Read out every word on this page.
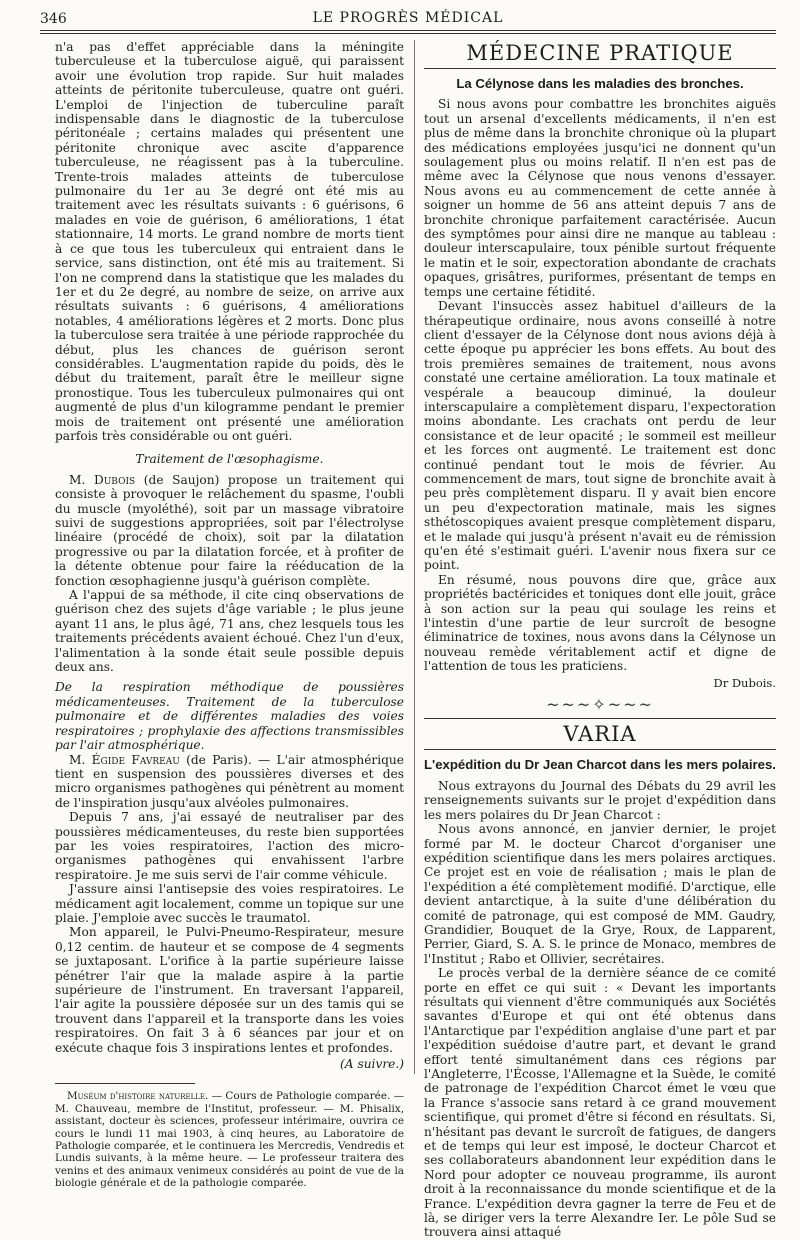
346	LE PROGRÈS MÉDICAL

n'a pas d'effet appréciable dans la méningite tuberculeuse et la tuberculose aiguë, qui paraissent avoir une évolution trop rapide. Sur huit malades atteints de péritonite tuberculeuse, quatre ont guéri. L'emploi de l'injection de tuberculine paraît indispensable dans le diagnostic de la tuberculose péritonéale ; certains malades qui présentent une péritonite chronique avec ascite d'apparence tuberculeuse, ne réagissent pas à la tuberculine. Trente-trois malades atteints de tuberculose pulmonaire du 1er au 3e degré ont été mis au traitement avec les résultats suivants : 6 guérisons, 6 malades en voie de guérison, 6 améliorations, 1 état stationnaire, 14 morts. Le grand nombre de morts tient à ce que tous les tuberculeux qui entraient dans le service, sans distinction, ont été mis au traitement. Si l'on ne comprend dans la statistique que les malades du 1er et du 2e degré, au nombre de seize, on arrive aux résultats suivants : 6 guérisons, 4 améliorations notables, 4 améliorations légères et 2 morts. Donc plus la tuberculose sera traitée à une période rapprochée du début, plus les chances de guérison seront considérables. L'augmentation rapide du poids, dès le début du traitement, paraît être le meilleur signe pronostique. Tous les tuberculeux pulmonaires qui ont augmenté de plus d'un kilogramme pendant le premier mois de traitement ont présenté une amélioration parfois très considérable ou ont guéri.

Traitement de l'œsophagisme.

M. Dubois (de Saujon) propose un traitement qui consiste à provoquer le relâchement du spasme, l'oubli du muscle (myoléthé), soit par un massage vibratoire suivi de suggestions appropriées, soit par l'électrolyse linéaire (procédé de choix), soit par la dilatation progressive ou par la dilatation forcée, et à profiter de la détente obtenue pour faire la rééducation de la fonction œsophagienne jusqu'à guérison complète.

A l'appui de sa méthode, il cite cinq observations de guérison chez des sujets d'âge variable ; le plus jeune ayant 11 ans, le plus âgé, 71 ans, chez lesquels tous les traitements précédents avaient échoué. Chez l'un d'eux, l'alimentation à la sonde était seule possible depuis deux ans.

De la respiration méthodique de poussières médicamenteuses. Traitement de la tuberculose pulmonaire et de différentes maladies des voies respiratoires ; prophylaxie des affections transmissibles par l'air atmosphérique.

M. Égide Favreau (de Paris). — L'air atmosphérique tient en suspension des poussières diverses et des micro organismes pathogènes qui pénètrent au moment de l'inspiration jusqu'aux alvéoles pulmonaires.

Depuis 7 ans, j'ai essayé de neutraliser par des poussières médicamenteuses, du reste bien supportées par les voies respiratoires, l'action des micro-organismes pathogènes qui envahissent l'arbre respiratoire. Je me suis servi de l'air comme véhicule.

J'assure ainsi l'antisepsie des voies respiratoires. Le médicament agit localement, comme un topique sur une plaie. J'emploie avec succès le traumatol.

Mon appareil, le Pulvi-Pneumo-Respirateur, mesure 0,12 centim. de hauteur et se compose de 4 segments se juxtaposant. L'orifice à la partie supérieure laisse pénétrer l'air que la malade aspire à la partie supérieure de l'instrument. En traversant l'appareil, l'air agite la poussière déposée sur un des tamis qui se trouvent dans l'appareil et la transporte dans les voies respiratoires. On fait 3 à 6 séances par jour et on exécute chaque fois 3 inspirations lentes et profondes.

(A suivre.)

Muséum d'histoire naturelle. — Cours de Pathologie comparée. — M. Chauveau, membre de l'Institut, professeur. — M. Phisalix, assistant, docteur ès sciences, professeur intérimaire, ouvrira ce cours le lundi 11 mai 1903, à cinq heures, au Laboratoire de Pathologie comparée, et le continuera les Mercredis, Vendredis et Lundis suivants, à la même heure. — Le professeur traitera des venins et des animaux venimeux considérés au point de vue de la biologie générale et de la pathologie comparée.

MÉDECINE PRATIQUE
La Célynose dans les maladies des bronches.

Si nous avons pour combattre les bronchites aiguës tout un arsenal d'excellents médicaments, il n'en est plus de même dans la bronchite chronique où la plupart des médications employées jusqu'ici ne donnent qu'un soulagement plus ou moins relatif. Il n'en est pas de même avec la Célynose que nous venons d'essayer. Nous avons eu au commencement de cette année à soigner un homme de 56 ans atteint depuis 7 ans de bronchite chronique parfaitement caractérisée. Aucun des symptômes pour ainsi dire ne manque au tableau : douleur interscapulaire, toux pénible surtout fréquente le matin et le soir, expectoration abondante de crachats opaques, grisâtres, puriformes, présentant de temps en temps une certaine fétidité.

Devant l'insuccès assez habituel d'ailleurs de la thérapeutique ordinaire, nous avons conseillé à notre client d'essayer de la Célynose dont nous avions déjà à cette époque pu apprécier les bons effets. Au bout des trois premières semaines de traitement, nous avons constaté une certaine amélioration. La toux matinale et vespérale a beaucoup diminué, la douleur interscapulaire a complètement disparu, l'expectoration moins abondante. Les crachats ont perdu de leur consistance et de leur opacité ; le sommeil est meilleur et les forces ont augmenté. Le traitement est donc continué pendant tout le mois de février. Au commencement de mars, tout signe de bronchite avait à peu près complètement disparu. Il y avait bien encore un peu d'expectoration matinale, mais les signes sthétoscopiques avaient presque complètement disparu, et le malade qui jusqu'à présent n'avait eu de rémission qu'en été s'estimait guéri. L'avenir nous fixera sur ce point.

En résumé, nous pouvons dire que, grâce aux propriétés bactéricides et toniques dont elle jouit, grâce à son action sur la peau qui soulage les reins et l'intestin d'une partie de leur surcroît de besogne éliminatrice de toxines, nous avons dans la Célynose un nouveau remède véritablement actif et digne de l'attention de tous les praticiens.

Dr Dubois.
~~~✧~~~
VARIA
L'expédition du Dr Jean Charcot dans les mers polaires.

Nous extrayons du Journal des Débats du 29 avril les renseignements suivants sur le projet d'expédition dans les mers polaires du Dr Jean Charcot :

Nous avons annoncé, en janvier dernier, le projet formé par M. le docteur Charcot d'organiser une expédition scientifique dans les mers polaires arctiques. Ce projet est en voie de réalisation ; mais le plan de l'expédition a été complètement modifié. D'arctique, elle devient antarctique, à la suite d'une délibération du comité de patronage, qui est composé de MM. Gaudry, Grandidier, Bouquet de la Grye, Roux, de Lapparent, Perrier, Giard, S. A. S. le prince de Monaco, membres de l'Institut ; Rabo et Ollivier, secrétaires.

Le procès verbal de la dernière séance de ce comité porte en effet ce qui suit : « Devant les importants résultats qui viennent d'être communiqués aux Sociétés savantes d'Europe et qui ont été obtenus dans l'Antarctique par l'expédition anglaise d'une part et par l'expédition suédoise d'autre part, et devant le grand effort tenté simultanément dans ces régions par l'Angleterre, l'Écosse, l'Allemagne et la Suède, le comité de patronage de l'expédition Charcot émet le vœu que la France s'associe sans retard à ce grand mouvement scientifique, qui promet d'être si fécond en résultats. Si, n'hésitant pas devant le surcroît de fatigues, de dangers et de temps qui leur est imposé, le docteur Charcot et ses collaborateurs abandonnent leur expédition dans le Nord pour adopter ce nouveau programme, ils auront droit à la reconnaissance du monde scientifique et de la France. L'expédition devra gagner la terre de Feu et de là, se diriger vers la terre Alexandre Ier. Le pôle Sud se trouvera ainsi attaqué
